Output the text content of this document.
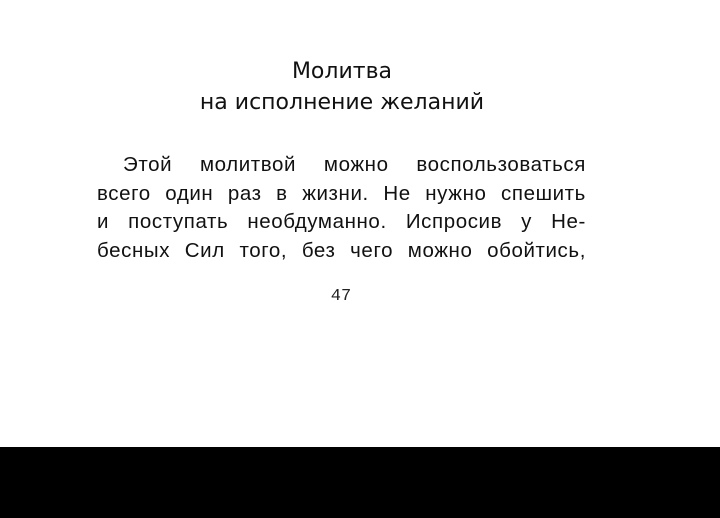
Молитва
на исполнение желаний
Этой молитвой можно воспользоваться
всего один раз в жизни. Не нужно спешить
и поступать необдуманно. Испросив у Не-
бесных Сил того, без чего можно обойтись,
47
